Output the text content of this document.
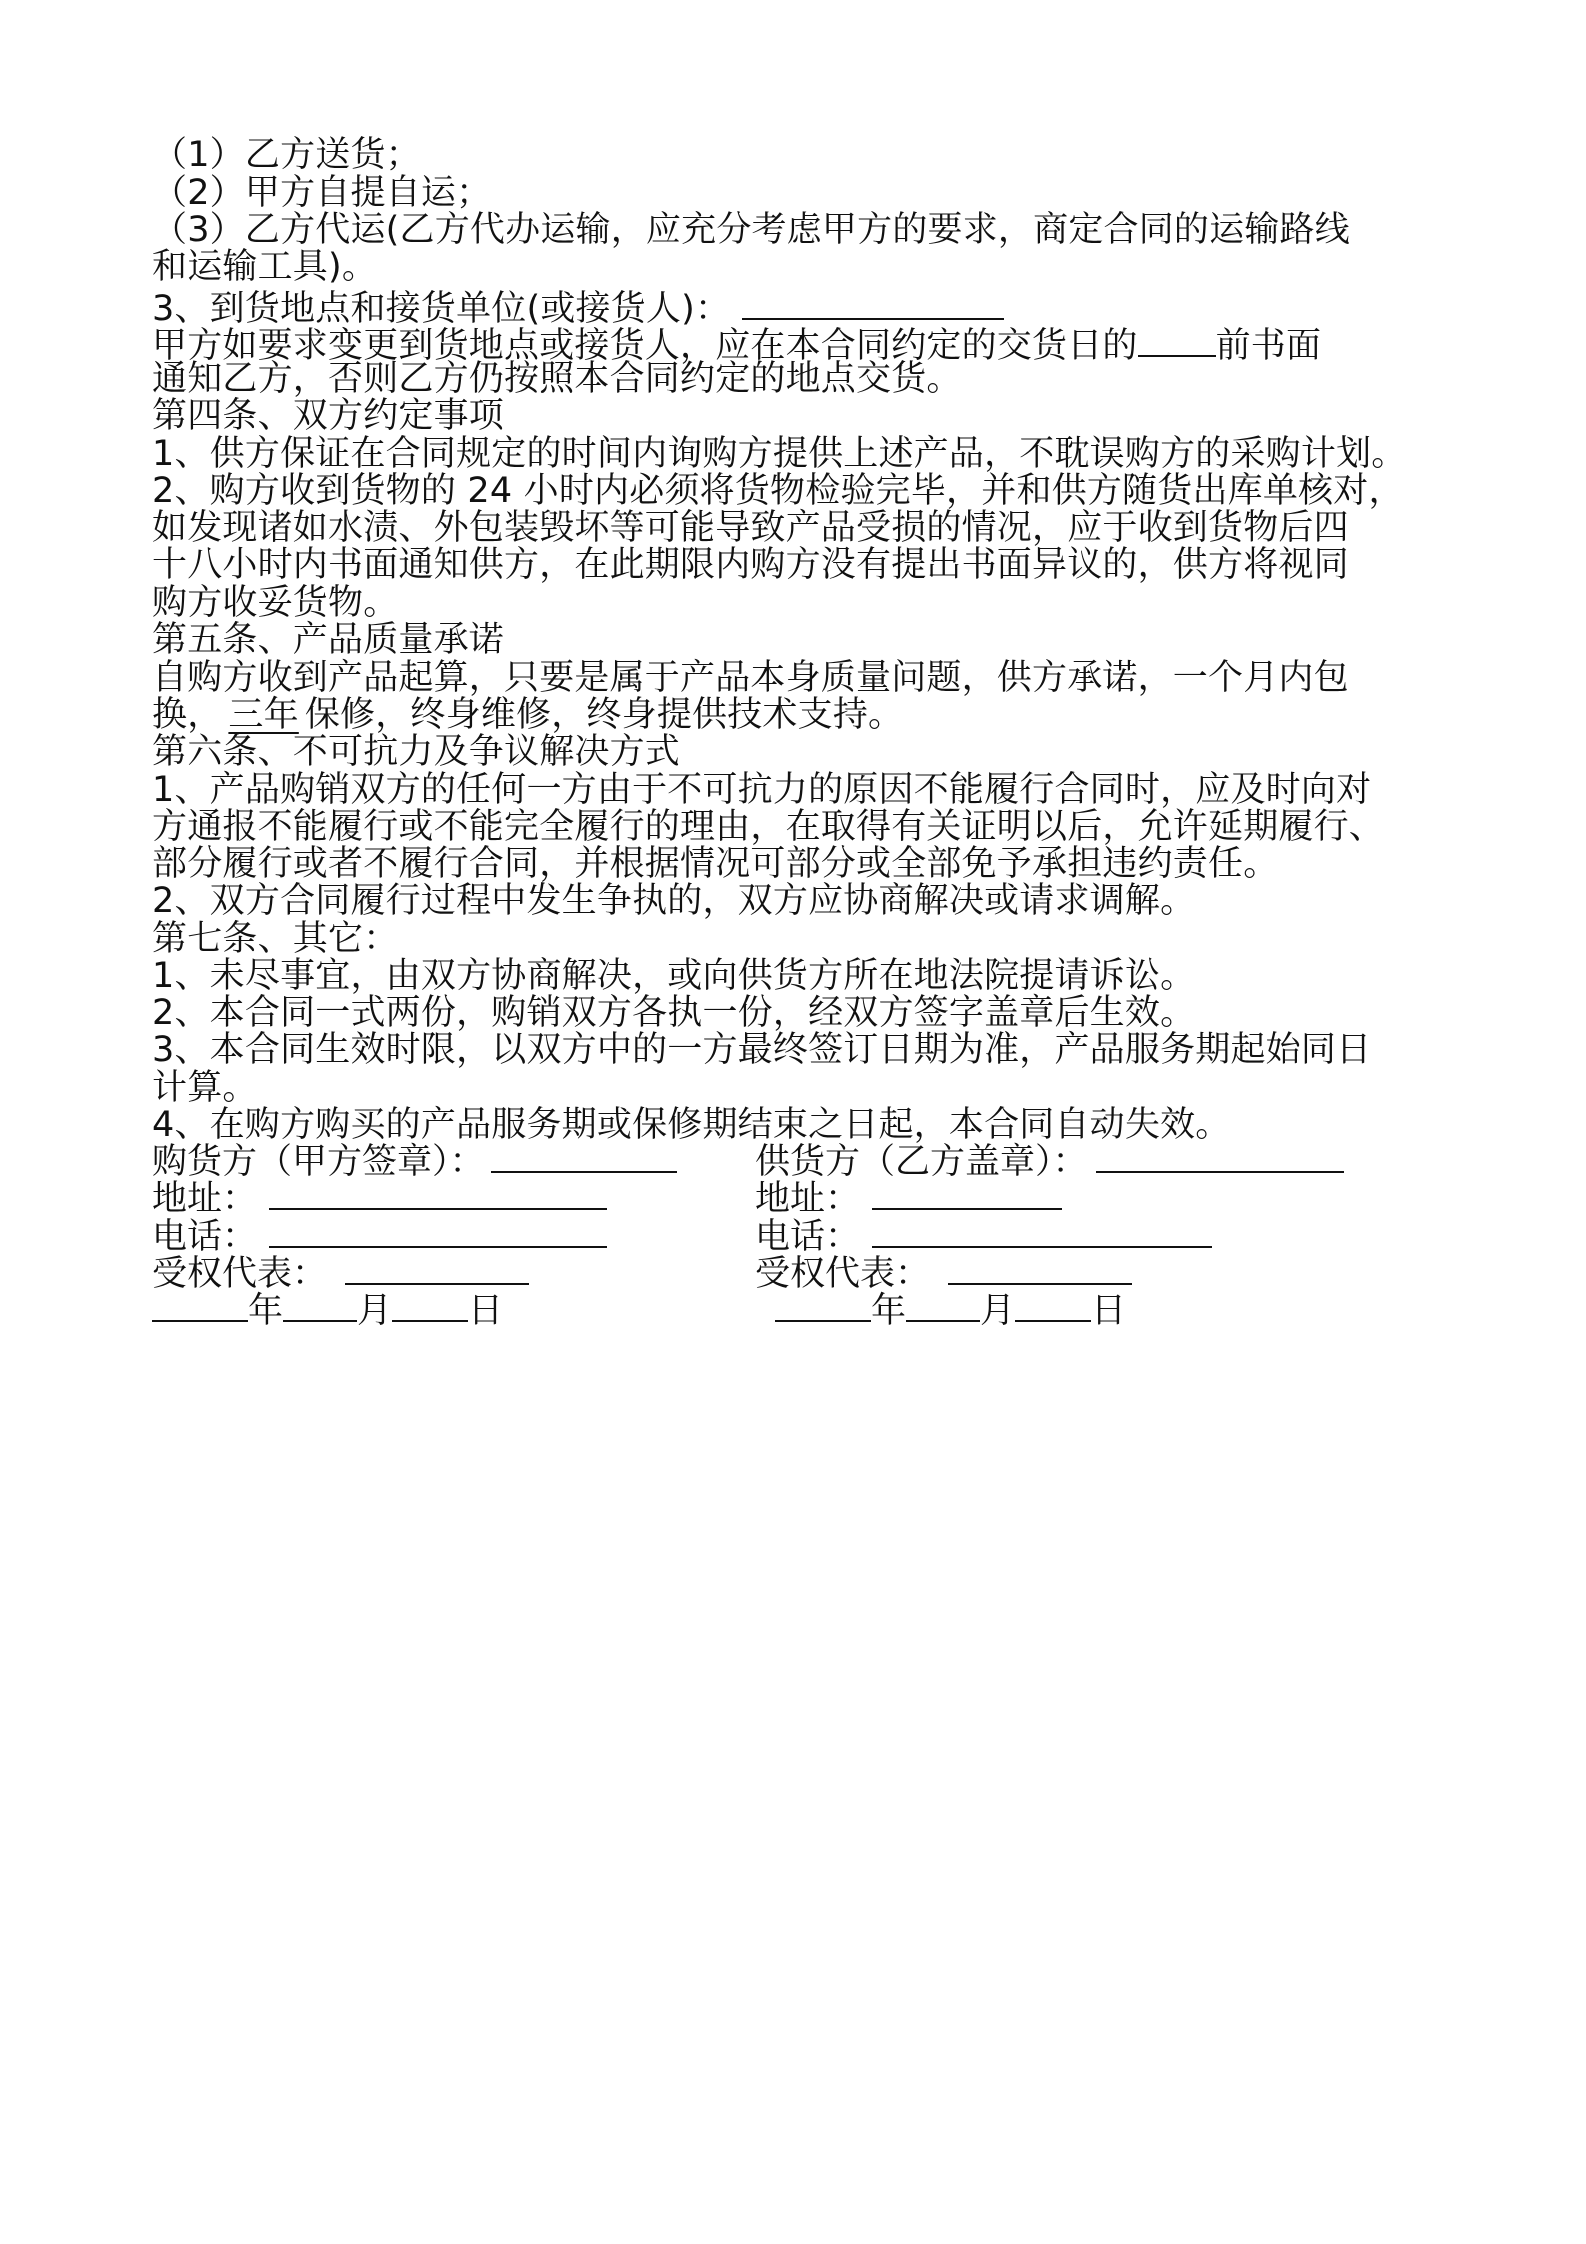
（1）乙方送货；
（2）甲方自提自运；
（3）乙方代运(乙方代办运输，应充分考虑甲方的要求，商定合同的运输路线
和运输工具)。
3、到货地点和接货单位(或接货人)：
甲方如要求变更到货地点或接货人，应在本合同约定的交货日的 前书面
通知乙方，否则乙方仍按照本合同约定的地点交货。
第四条、双方约定事项
1、供方保证在合同规定的时间内询购方提供上述产品，不耽误购方的采购计划。
2、购方收到货物的 24 小时内必须将货物检验完毕，并和供方随货出库单核对，
如发现诸如水渍、外包装毁坏等可能导致产品受损的情况，应于收到货物后四
十八小时内书面通知供方，在此期限内购方没有提出书面异议的，供方将视同
购方收妥货物。
第五条、产品质量承诺
自购方收到产品起算，只要是属于产品本身质量问题，供方承诺，一个月内包
换， 三年 保修，终身维修，终身提供技术支持。
第六条、不可抗力及争议解决方式
1、产品购销双方的任何一方由于不可抗力的原因不能履行合同时，应及时向对
方通报不能履行或不能完全履行的理由，在取得有关证明以后，允许延期履行、
部分履行或者不履行合同，并根据情况可部分或全部免予承担违约责任。
2、双方合同履行过程中发生争执的，双方应协商解决或请求调解。
第七条、其它：
1、未尽事宜，由双方协商解决，或向供货方所在地法院提请诉讼。
2、本合同一式两份，购销双方各执一份，经双方签字盖章后生效。
3、本合同生效时限，以双方中的一方最终签订日期为准，产品服务期起始同日
计算。
4、在购方购买的产品服务期或保修期结束之日起，本合同自动失效。
购货方（甲方签章）：
地址：
电话：
受权代表：
年 月 日
供货方（乙方盖章）：
地址：
电话：
受权代表：
年 月 日
